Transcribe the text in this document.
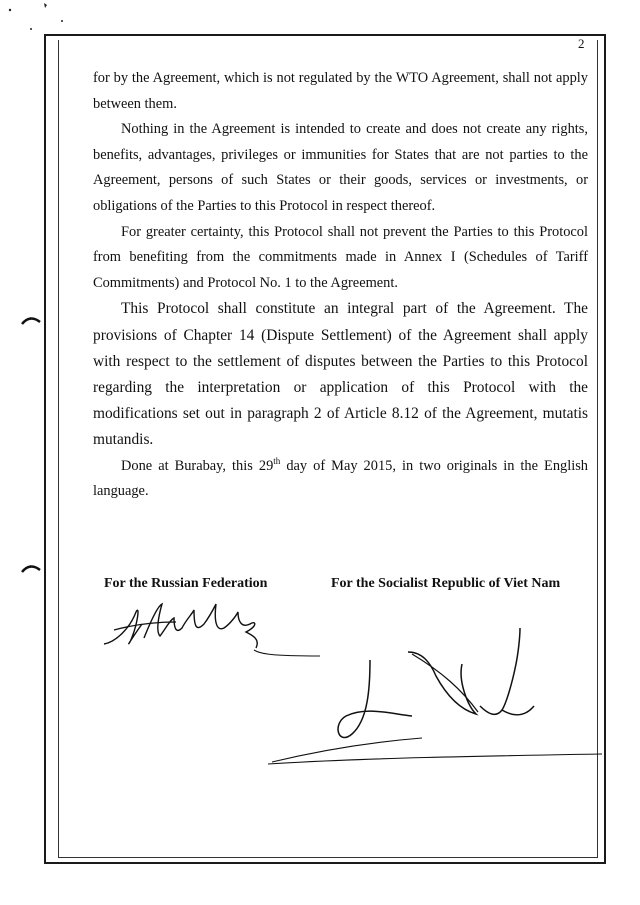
2

for by the Agreement, which is not regulated by the WTO Agreement, shall not apply between them.

Nothing in the Agreement is intended to create and does not create any rights, benefits, advantages, privileges or immunities for States that are not parties to the Agreement, persons of such States or their goods, services or investments, or obligations of the Parties to this Protocol in respect thereof.

For greater certainty, this Protocol shall not prevent the Parties to this Protocol from benefiting from the commitments made in Annex I (Schedules of Tariff Commitments) and Protocol No. 1 to the Agreement.

This Protocol shall constitute an integral part of the Agreement. The provisions of Chapter 14 (Dispute Settlement) of the Agreement shall apply with respect to the settlement of disputes between the Parties to this Protocol regarding the interpretation or application of this Protocol with the modifications set out in paragraph 2 of Article 8.12 of the Agreement, mutatis mutandis.

Done at Burabay, this 29th day of May 2015, in two originals in the English language.

For the Russian Federation	For the Socialist Republic of Viet Nam
